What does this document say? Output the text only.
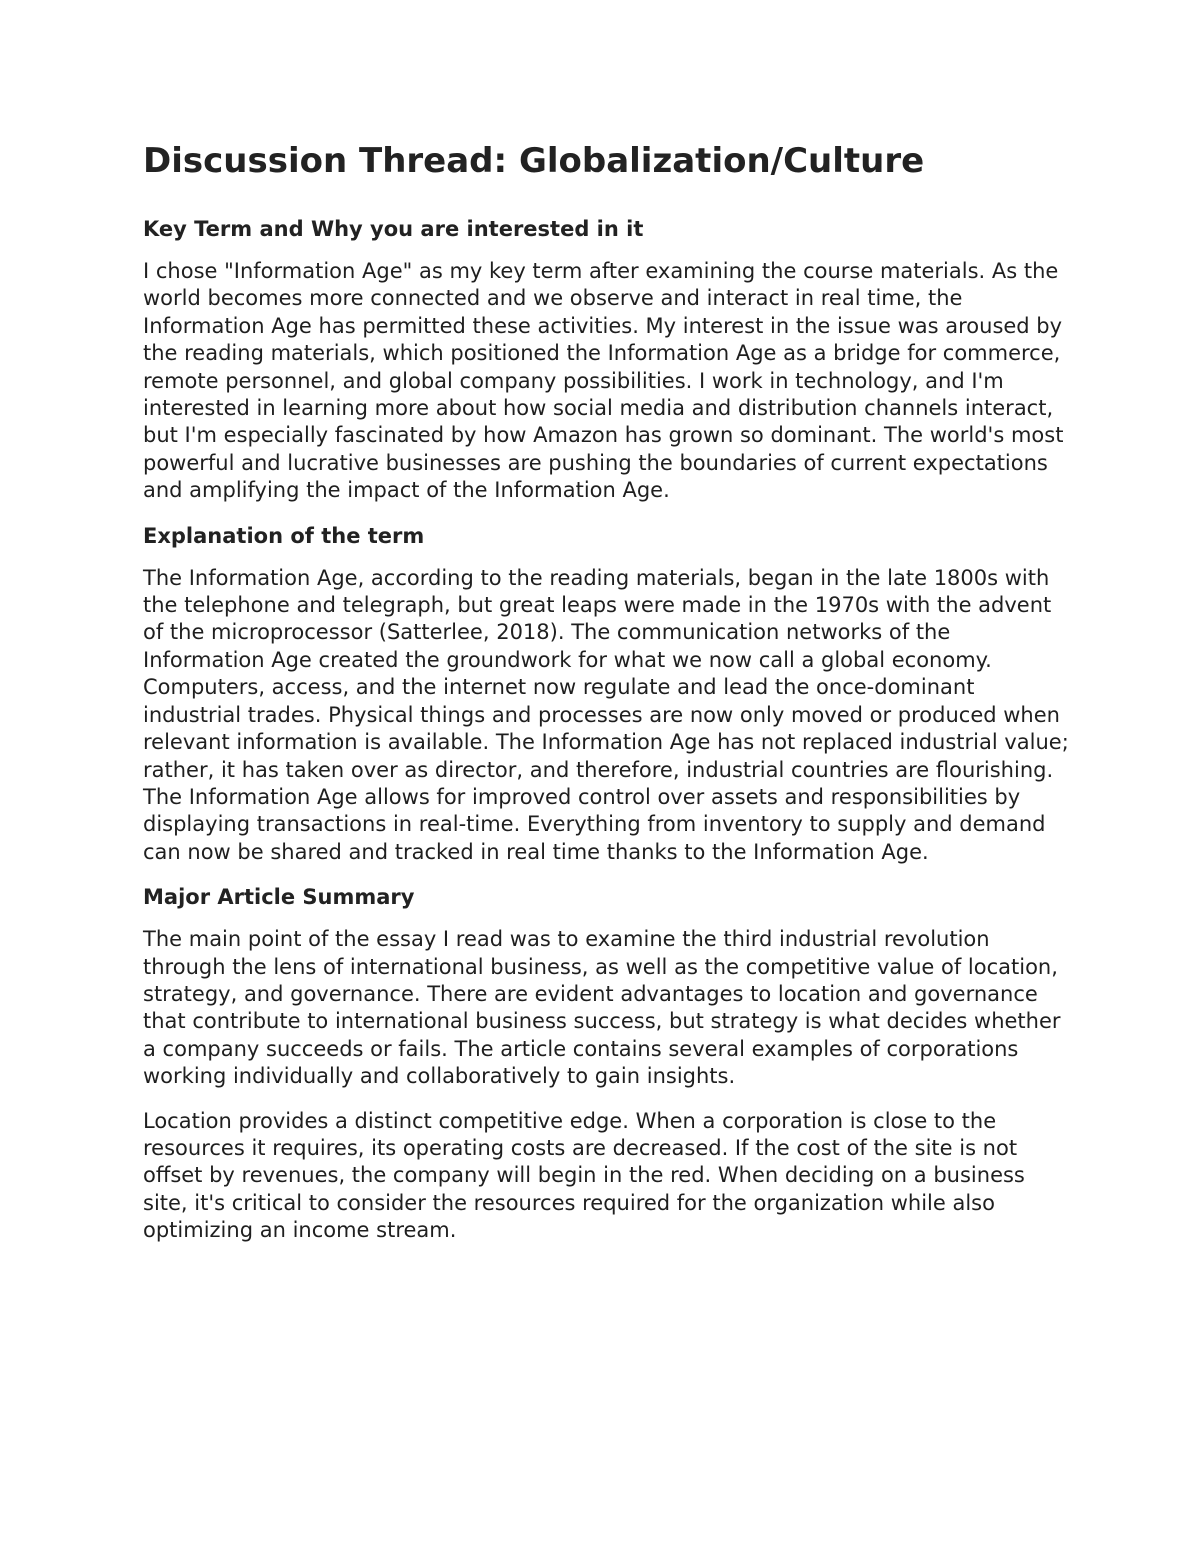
Discussion Thread: Globalization/Culture
Key Term and Why you are interested in it

I chose "Information Age" as my key term after examining the course materials. As the world becomes more connected and we observe and interact in real time, the Information Age has permitted these activities. My interest in the issue was aroused by the reading materials, which positioned the Information Age as a bridge for commerce, remote personnel, and global company possibilities. I work in technology, and I'm interested in learning more about how social media and distribution channels interact, but I'm especially fascinated by how Amazon has grown so dominant. The world's most powerful and lucrative businesses are pushing the boundaries of current expectations and amplifying the impact of the Information Age.

Explanation of the term

The Information Age, according to the reading materials, began in the late 1800s with the telephone and telegraph, but great leaps were made in the 1970s with the advent of the microprocessor (Satterlee, 2018). The communication networks of the Information Age created the groundwork for what we now call a global economy. Computers, access, and the internet now regulate and lead the once-dominant industrial trades. Physical things and processes are now only moved or produced when relevant information is available. The Information Age has not replaced industrial value; rather, it has taken over as director, and therefore, industrial countries are flourishing. The Information Age allows for improved control over assets and responsibilities by displaying transactions in real-time. Everything from inventory to supply and demand can now be shared and tracked in real time thanks to the Information Age.

Major Article Summary

The main point of the essay I read was to examine the third industrial revolution through the lens of international business, as well as the competitive value of location, strategy, and governance. There are evident advantages to location and governance that contribute to international business success, but strategy is what decides whether a company succeeds or fails. The article contains several examples of corporations working individually and collaboratively to gain insights.

Location provides a distinct competitive edge. When a corporation is close to the resources it requires, its operating costs are decreased. If the cost of the site is not offset by revenues, the company will begin in the red. When deciding on a business site, it's critical to consider the resources required for the organization while also optimizing an income stream.
